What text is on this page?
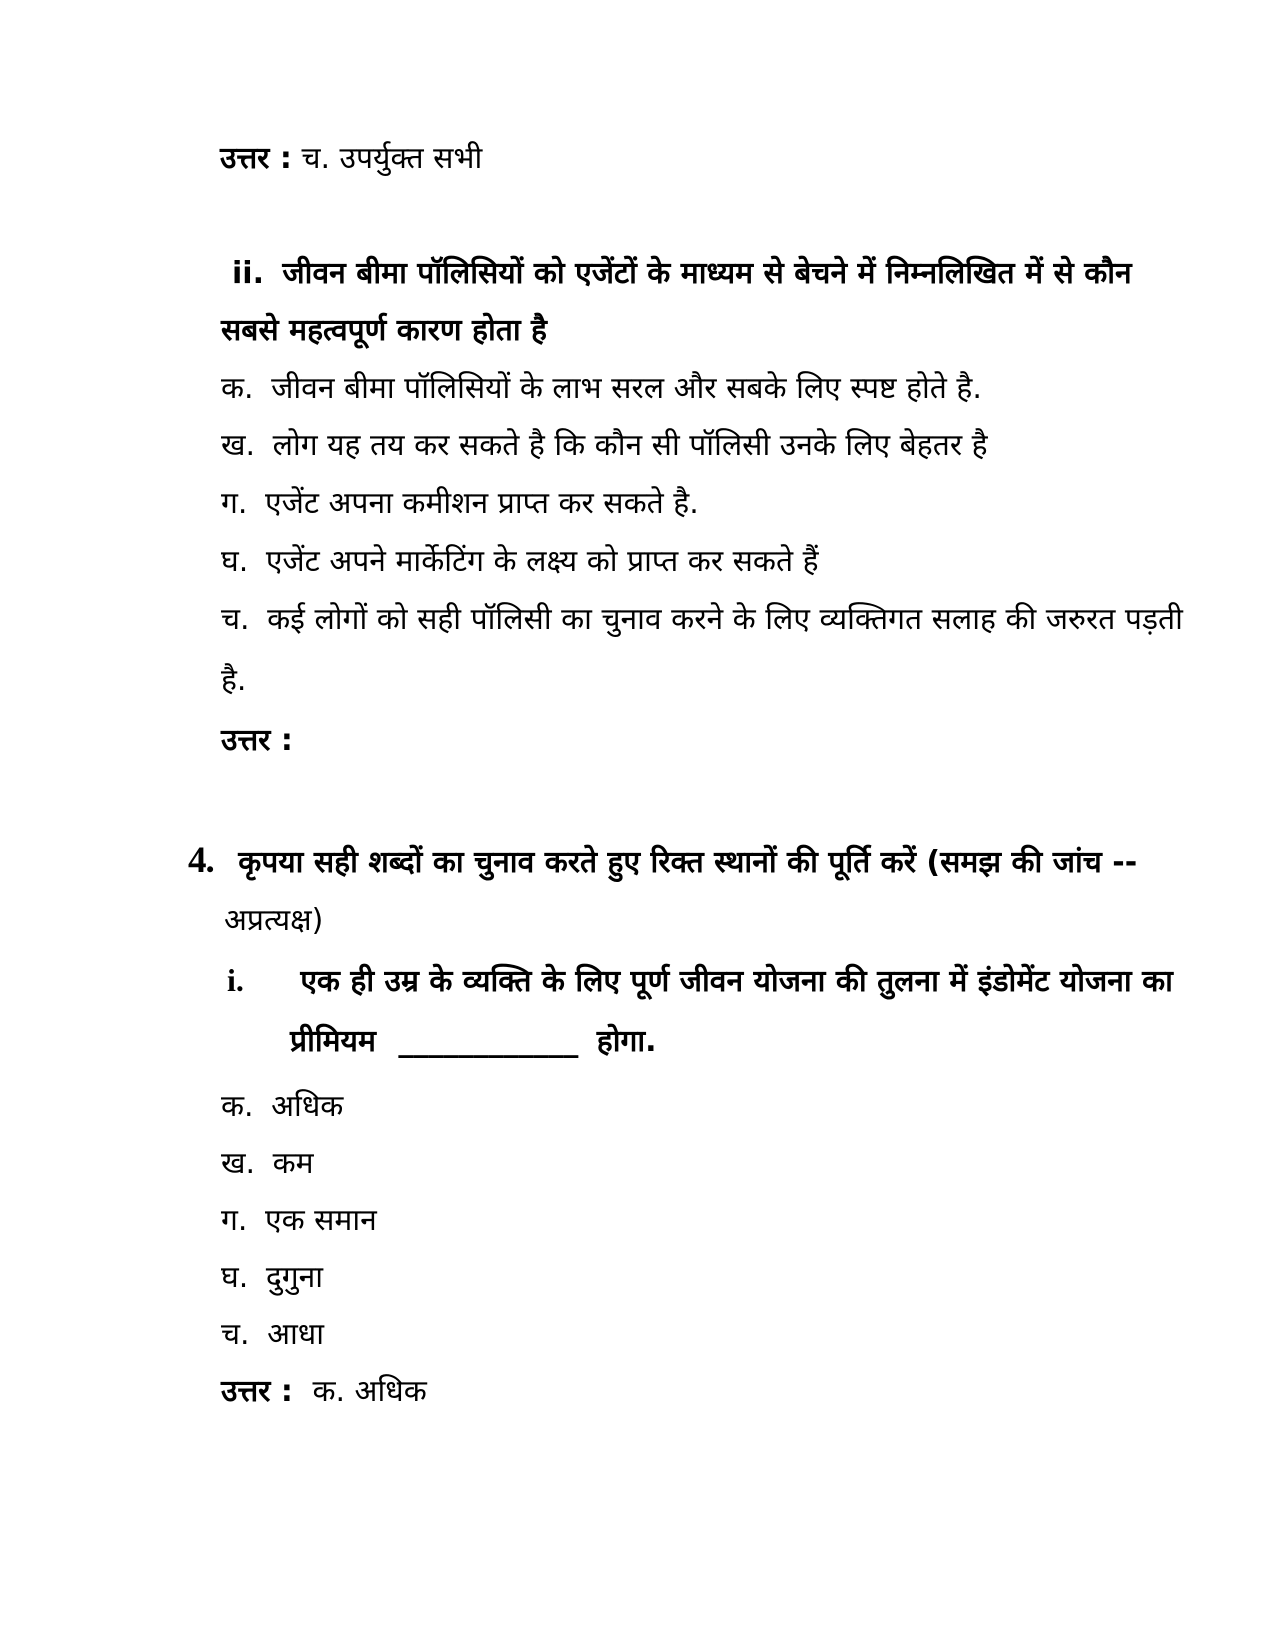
उत्तर : च. उपर्युक्त सभी
ii. जीवन बीमा पॉलिसियों को एजेंटों के माध्यम से बेचने में निम्नलिखित में से कौन
सबसे महत्वपूर्ण कारण होता है
क. जीवन बीमा पॉलिसियों के लाभ सरल और सबके लिए स्पष्ट होते है.
ख. लोग यह तय कर सकते है कि कौन सी पॉलिसी उनके लिए बेहतर है
ग. एजेंट अपना कमीशन प्राप्त कर सकते है.
घ. एजेंट अपने मार्केटिंग के लक्ष्य को प्राप्त कर सकते हैं
च. कई लोगों को सही पॉलिसी का चुनाव करने के लिए व्यक्तिगत सलाह की जरुरत पड़ती
है.
उत्तर :
4. कृपया सही शब्दों का चुनाव करते हुए रिक्त स्थानों की पूर्ति करें (समझ की जांच --
अप्रत्यक्ष)
i. एक ही उम्र के व्यक्ति के लिए पूर्ण जीवन योजना की तुलना में इंडोमेंट योजना का
प्रीमियम ____________ होगा.
क. अधिक
ख. कम
ग. एक समान
घ. दुगुना
च. आधा
उत्तर : क. अधिक
